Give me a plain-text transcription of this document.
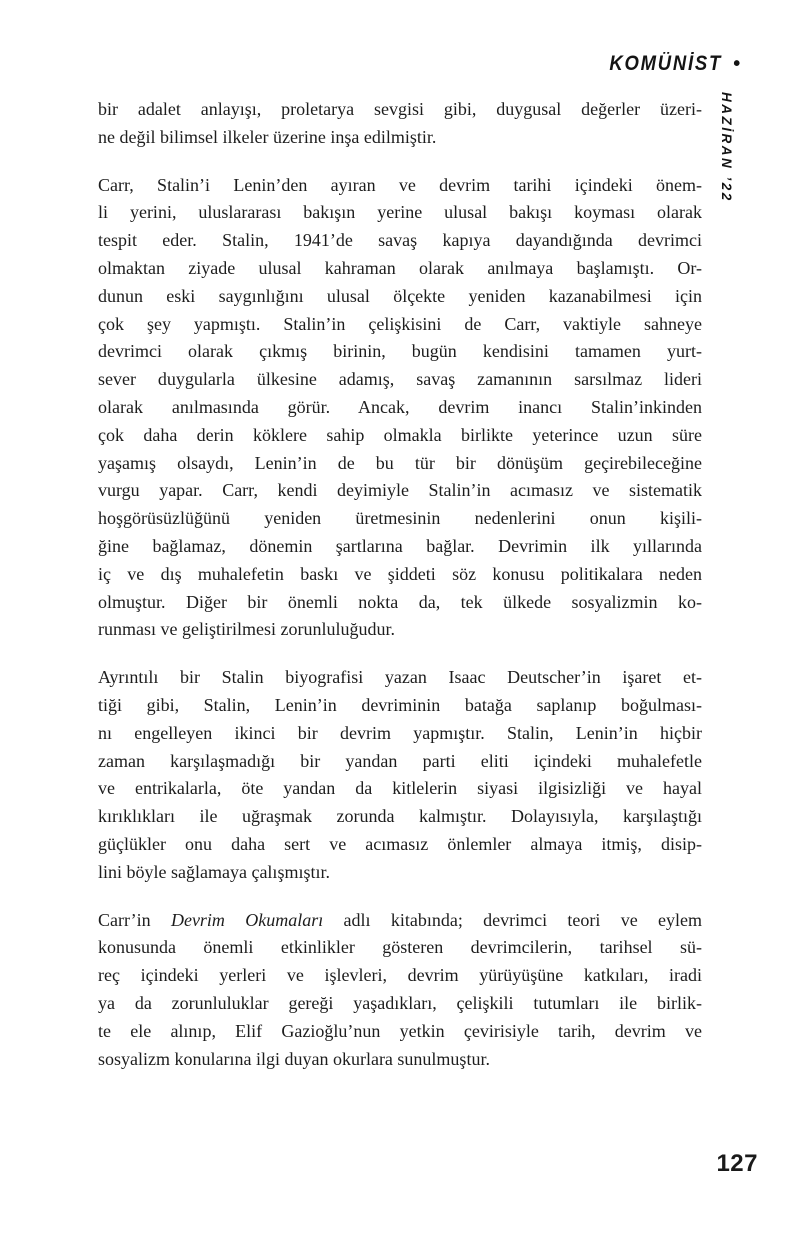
KOMÜNİST •
HAZİRAN ’22

bir adalet anlayışı, proletarya sevgisi gibi, duygusal değerler üzeri-
ne değil bilimsel ilkeler üzerine inşa edilmiştir.

Carr, Stalin’i Lenin’den ayıran ve devrim tarihi içindeki önem-
li yerini, uluslararası bakışın yerine ulusal bakışı koyması olarak
tespit eder. Stalin, 1941’de savaş kapıya dayandığında devrimci
olmaktan ziyade ulusal kahraman olarak anılmaya başlamıştı. Or-
dunun eski saygınlığını ulusal ölçekte yeniden kazanabilmesi için
çok şey yapmıştı. Stalin’in çelişkisini de Carr, vaktiyle sahneye
devrimci olarak çıkmış birinin, bugün kendisini tamamen yurt-
sever duygularla ülkesine adamış, savaş zamanının sarsılmaz lideri
olarak anılmasında görür. Ancak, devrim inancı Stalin’inkinden
çok daha derin köklere sahip olmakla birlikte yeterince uzun süre
yaşamış olsaydı, Lenin’in de bu tür bir dönüşüm geçirebileceğine
vurgu yapar. Carr, kendi deyimiyle Stalin’in acımasız ve sistematik
hoşgörüsüzlüğünü yeniden üretmesinin nedenlerini onun kişili-
ğine bağlamaz, dönemin şartlarına bağlar. Devrimin ilk yıllarında
iç ve dış muhalefetin baskı ve şiddeti söz konusu politikalara neden
olmuştur. Diğer bir önemli nokta da, tek ülkede sosyalizmin ko-
runması ve geliştirilmesi zorunluluğudur.

Ayrıntılı bir Stalin biyografisi yazan Isaac Deutscher’in işaret et-
tiği gibi, Stalin, Lenin’in devriminin batağa saplanıp boğulması-
nı engelleyen ikinci bir devrim yapmıştır. Stalin, Lenin’in hiçbir
zaman karşılaşmadığı bir yandan parti eliti içindeki muhalefetle
ve entrikalarla, öte yandan da kitlelerin siyasi ilgisizliği ve hayal
kırıklıkları ile uğraşmak zorunda kalmıştır. Dolayısıyla, karşılaştığı
güçlükler onu daha sert ve acımasız önlemler almaya itmiş, disip-
lini böyle sağlamaya çalışmıştır.

Carr’in Devrim Okumaları adlı kitabında; devrimci teori ve eylem
konusunda önemli etkinlikler gösteren devrimcilerin, tarihsel sü-
reç içindeki yerleri ve işlevleri, devrim yürüyüşüne katkıları, iradi
ya da zorunluluklar gereği yaşadıkları, çelişkili tutumları ile birlik-
te ele alınıp, Elif Gazioğlu’nun yetkin çevirisiyle tarih, devrim ve
sosyalizm konularına ilgi duyan okurlara sunulmuştur.

127
